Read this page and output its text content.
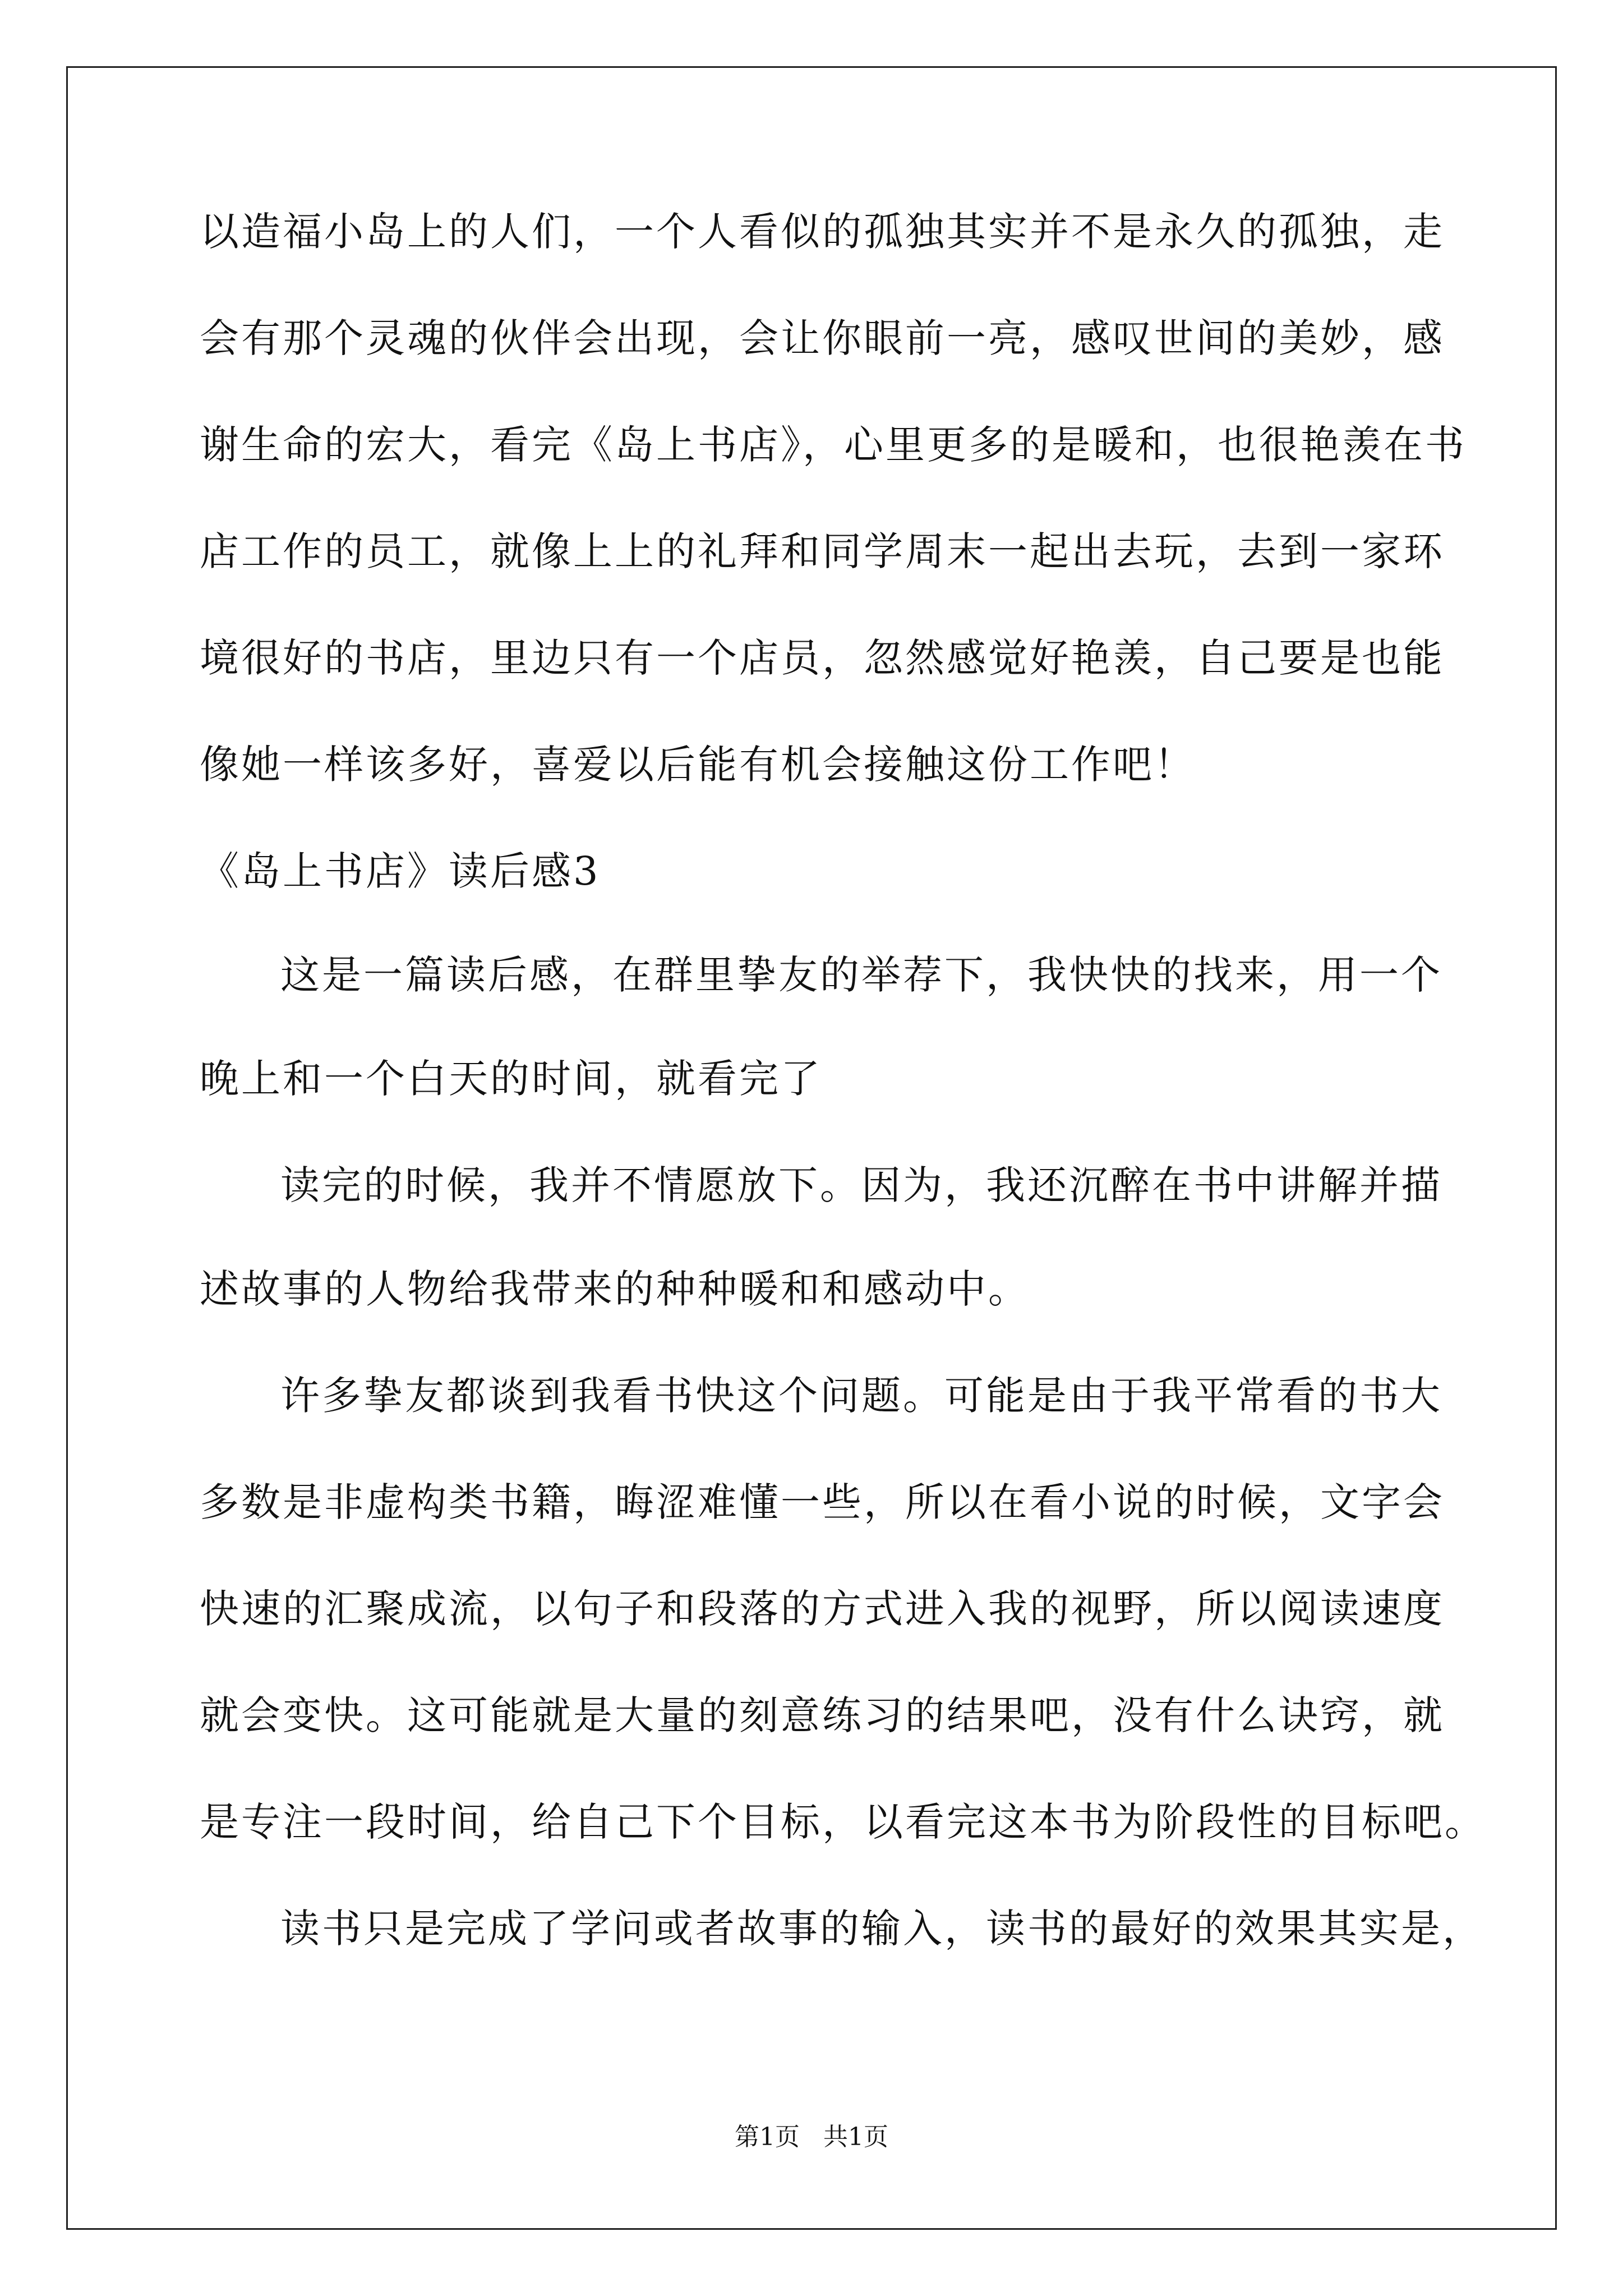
以造福小岛上的人们，一个人看似的孤独其实并不是永久的孤独，走
会有那个灵魂的伙伴会出现，会让你眼前一亮，感叹世间的美妙，感
谢生命的宏大，看完《岛上书店》，心里更多的是暖和，也很艳羡在书
店工作的员工，就像上上的礼拜和同学周末一起出去玩，去到一家环
境很好的书店，里边只有一个店员，忽然感觉好艳羡，自己要是也能
像她一样该多好，喜爱以后能有机会接触这份工作吧！
《岛上书店》读后感3
这是一篇读后感，在群里挚友的举荐下，我快快的找来，用一个
晚上和一个白天的时间，就看完了
读完的时候，我并不情愿放下。因为，我还沉醉在书中讲解并描
述故事的人物给我带来的种种暖和和感动中。
许多挚友都谈到我看书快这个问题。可能是由于我平常看的书大
多数是非虚构类书籍，晦涩难懂一些，所以在看小说的时候，文字会
快速的汇聚成流，以句子和段落的方式进入我的视野，所以阅读速度
就会变快。这可能就是大量的刻意练习的结果吧，没有什么诀窍，就
是专注一段时间，给自己下个目标，以看完这本书为阶段性的目标吧。
读书只是完成了学问或者故事的输入，读书的最好的效果其实是，
第1页   共1页
